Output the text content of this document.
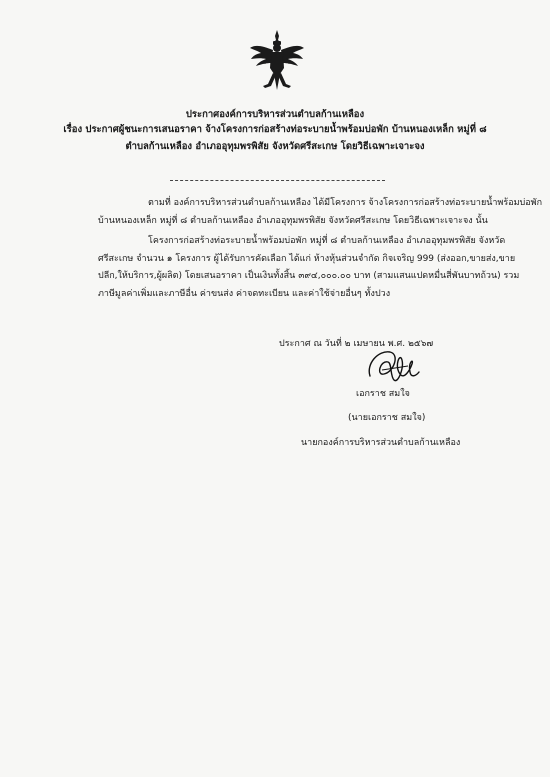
ประกาศองค์การบริหารส่วนตำบลก้านเหลือง
เรื่อง ประกาศผู้ชนะการเสนอราคา จ้างโครงการก่อสร้างท่อระบายน้ำพร้อมบ่อพัก บ้านหนองเหล็ก หมู่ที่ ๘
ตำบลก้านเหลือง อำเภออุทุมพรพิสัย จังหวัดศรีสะเกษ โดยวิธีเฉพาะเจาะจง
ตามที่ องค์การบริหารส่วนตำบลก้านเหลือง ได้มีโครงการ จ้างโครงการก่อสร้างท่อระบายน้ำพร้อมบ่อพัก
บ้านหนองเหล็ก หมู่ที่ ๘ ตำบลก้านเหลือง อำเภออุทุมพรพิสัย จังหวัดศรีสะเกษ โดยวิธีเฉพาะเจาะจง นั้น
โครงการก่อสร้างท่อระบายน้ำพร้อมบ่อพัก หมู่ที่ ๘ ตำบลก้านเหลือง อำเภออุทุมพรพิสัย จังหวัด
ศรีสะเกษ จำนวน ๑ โครงการ ผู้ได้รับการคัดเลือก ได้แก่ ห้างหุ้นส่วนจำกัด กิจเจริญ 999 (ส่งออก,ขายส่ง,ขาย
ปลีก,ให้บริการ,ผู้ผลิต) โดยเสนอราคา เป็นเงินทั้งสิ้น ๓๙๔,๐๐๐.๐๐ บาท (สามแสนแปดหมื่นสี่พันบาทถ้วน) รวม
ภาษีมูลค่าเพิ่มและภาษีอื่น ค่าขนส่ง ค่าจดทะเบียน และค่าใช้จ่ายอื่นๆ ทั้งปวง
ประกาศ ณ วันที่ ๒ เมษายน พ.ศ. ๒๕๖๗
เอกราช สมใจ
(นายเอกราช สมใจ)
นายกองค์การบริหารส่วนตำบลก้านเหลือง
